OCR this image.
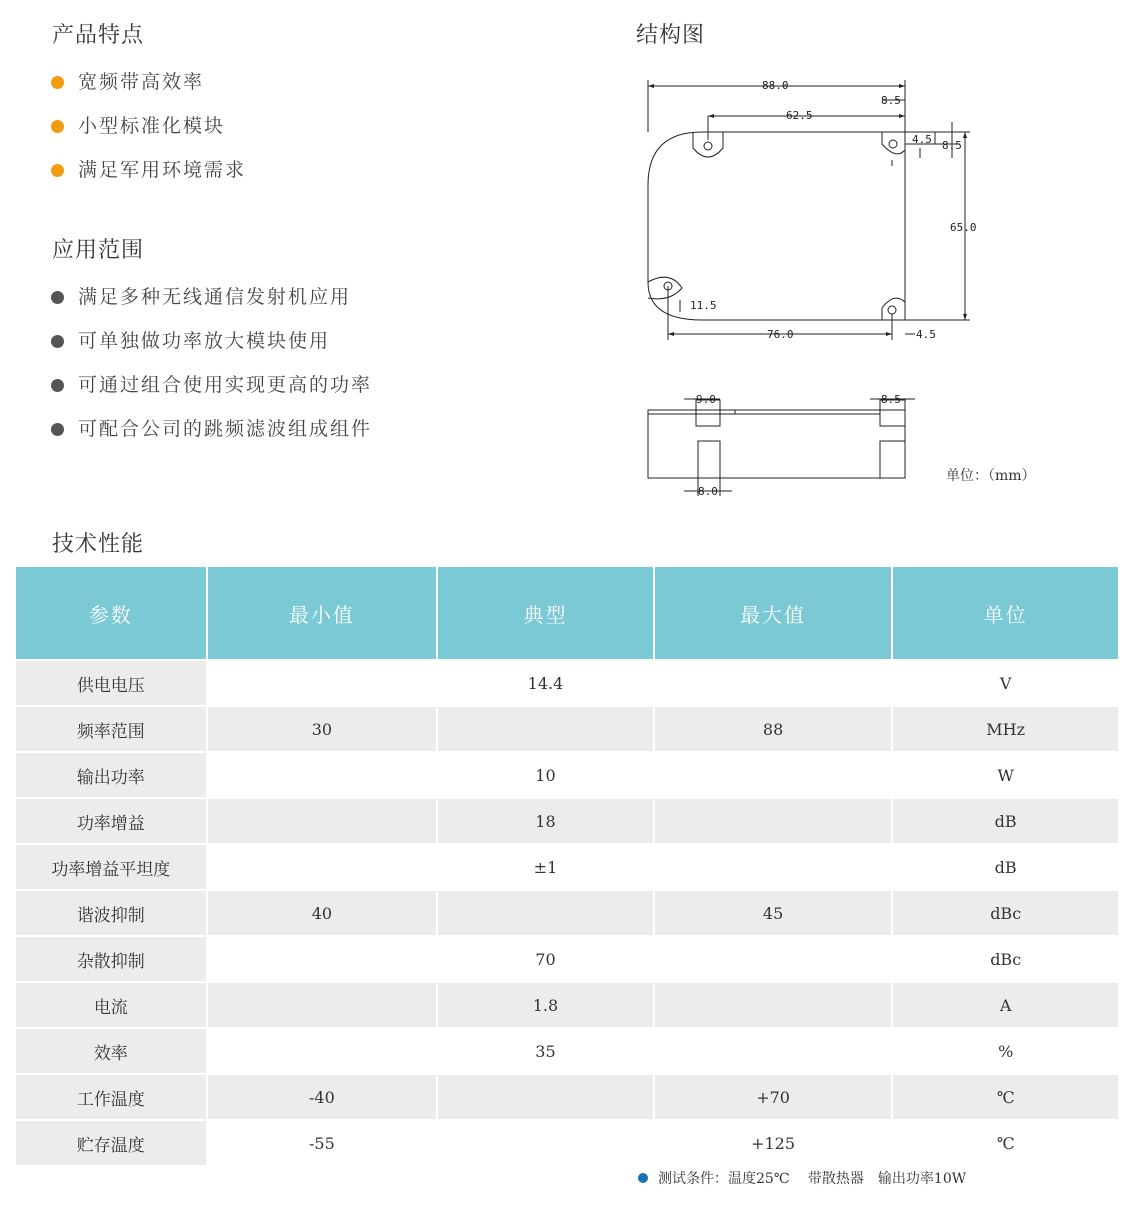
产品特点
宽频带高效率
小型标准化模块
满足军用环境需求
应用范围
满足多种无线通信发射机应用
可单独做功率放大模块使用
可通过组合使用实现更高的功率
可配合公司的跳频滤波组成组件
结构图
88.0
8.5
62.5
4.5 8.5
65.0
11.5
76.0	4.5
9.0	8.5
8.0
单位：（mm）
技术性能
参数	最小值	典型	最大值	单位
供电电压		14.4		V
频率范围	30		88	MHz
输出功率		10		W
功率增益		18		dB
功率增益平坦度		±1		dB
谐波抑制	40		45	dBc
杂散抑制		70		dBc
电流		1.8		A
效率		35		%
工作温度	-40		+70	℃
贮存温度	-55		+125	℃
测试条件：温度25℃　 带散热器　输出功率10W
